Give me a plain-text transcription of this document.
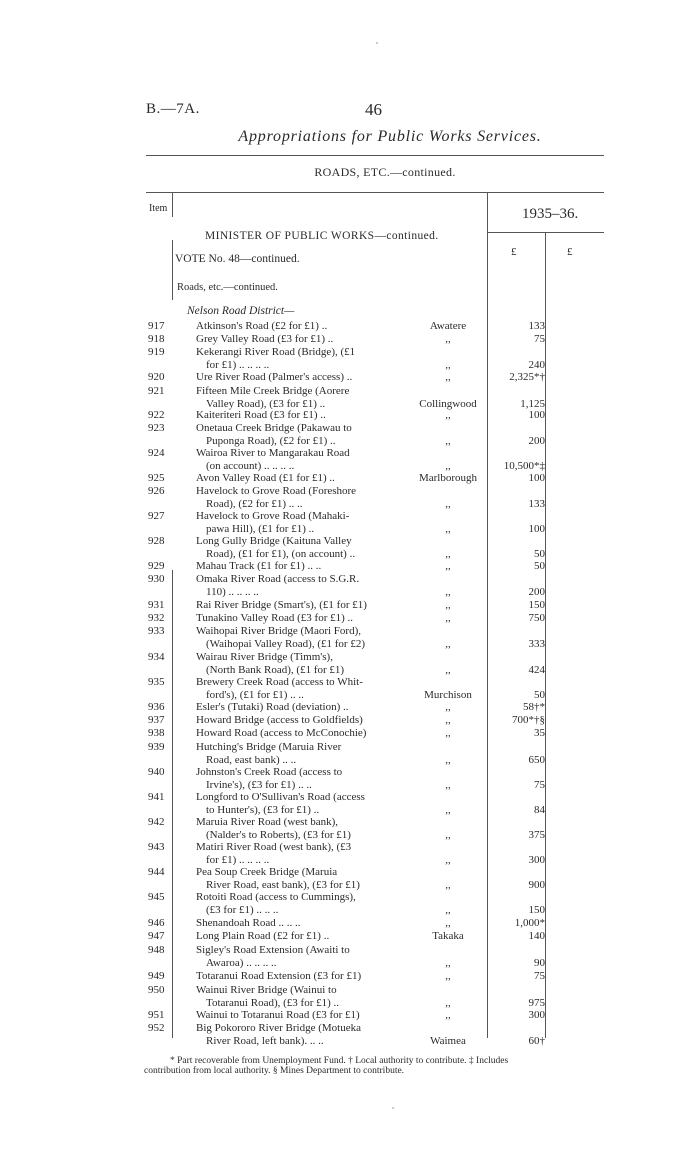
B.—7A.	46
Appropriations for Public Works Services.
ROADS, ETC.—continued.
Item	1935–36.
£	£
MINISTER OF PUBLIC WORKS—continued.
VOTE No. 48—continued.
Roads, etc.—continued.
Nelson Road District—
917	Atkinson's Road (£2 for £1) ..	Awatere	133
918	Grey Valley Road (£3 for £1) ..	,,	75
919	Kekerangi River Road (Bridge), (£1
for £1) .. .. .. ..	,,	240
920	Ure River Road (Palmer's access) ..	,,	2,325*†
921	Fifteen Mile Creek Bridge (Aorere
Valley Road), (£3 for £1) ..	Collingwood	1,125
922	Kaiteriteri Road (£3 for £1) ..	,,	100
923	Onetaua Creek Bridge (Pakawau to
Puponga Road), (£2 for £1) ..	,,	200
924	Wairoa River to Mangarakau Road
(on account) .. .. .. ..	,,	10,500*‡
925	Avon Valley Road (£1 for £1) ..	Marlborough	100
926	Havelock to Grove Road (Foreshore
Road), (£2 for £1) .. ..	,,	133
927	Havelock to Grove Road (Mahaki-
pawa Hill), (£1 for £1) ..	,,	100
928	Long Gully Bridge (Kaituna Valley
Road), (£1 for £1), (on account) ..	,,	50
929	Mahau Track (£1 for £1) .. ..	,,	50
930	Omaka River Road (access to S.G.R.
110) .. .. .. ..	,,	200
931	Rai River Bridge (Smart's), (£1 for £1)	,,	150
932	Tunakino Valley Road (£3 for £1) ..	,,	750
933	Waihopai River Bridge (Maori Ford),
(Waihopai Valley Road), (£1 for £2)	,,	333
934	Wairau River Bridge (Timm's),
(North Bank Road), (£1 for £1)	,,	424
935	Brewery Creek Road (access to Whit-
ford's), (£1 for £1) .. ..	Murchison	50
936	Esler's (Tutaki) Road (deviation) ..	,,	58†*
937	Howard Bridge (access to Goldfields)	,,	700*†§
938	Howard Road (access to McConochie)	,,	35
939	Hutching's Bridge (Maruia River
Road, east bank) .. ..	,,	650
940	Johnston's Creek Road (access to
Irvine's), (£3 for £1) .. ..	,,	75
941	Longford to O'Sullivan's Road (access
to Hunter's), (£3 for £1) ..	,,	84
942	Maruia River Road (west bank),
(Nalder's to Roberts), (£3 for £1)	,,	375
943	Matiri River Road (west bank), (£3
for £1) .. .. .. ..	,,	300
944	Pea Soup Creek Bridge (Maruia
River Road, east bank), (£3 for £1)	,,	900
945	Rotoiti Road (access to Cummings),
(£3 for £1) .. .. ..	,,	150
946	Shenandoah Road .. .. ..	,,	1,000*
947	Long Plain Road (£2 for £1) ..	Takaka	140
948	Sigley's Road Extension (Awaiti to
Awaroa) .. .. .. ..	,,	90
949	Totaranui Road Extension (£3 for £1)	,,	75
950	Wainui River Bridge (Wainui to
Totaranui Road), (£3 for £1) ..	,,	975
951	Wainui to Totaranui Road (£3 for £1)	,,	300
952	Big Pokororo River Bridge (Motueka
River Road, left bank). .. ..	Waimea	60†
* Part recoverable from Unemployment Fund. † Local authority to contribute. ‡ Includes
contribution from local authority. § Mines Department to contribute.
